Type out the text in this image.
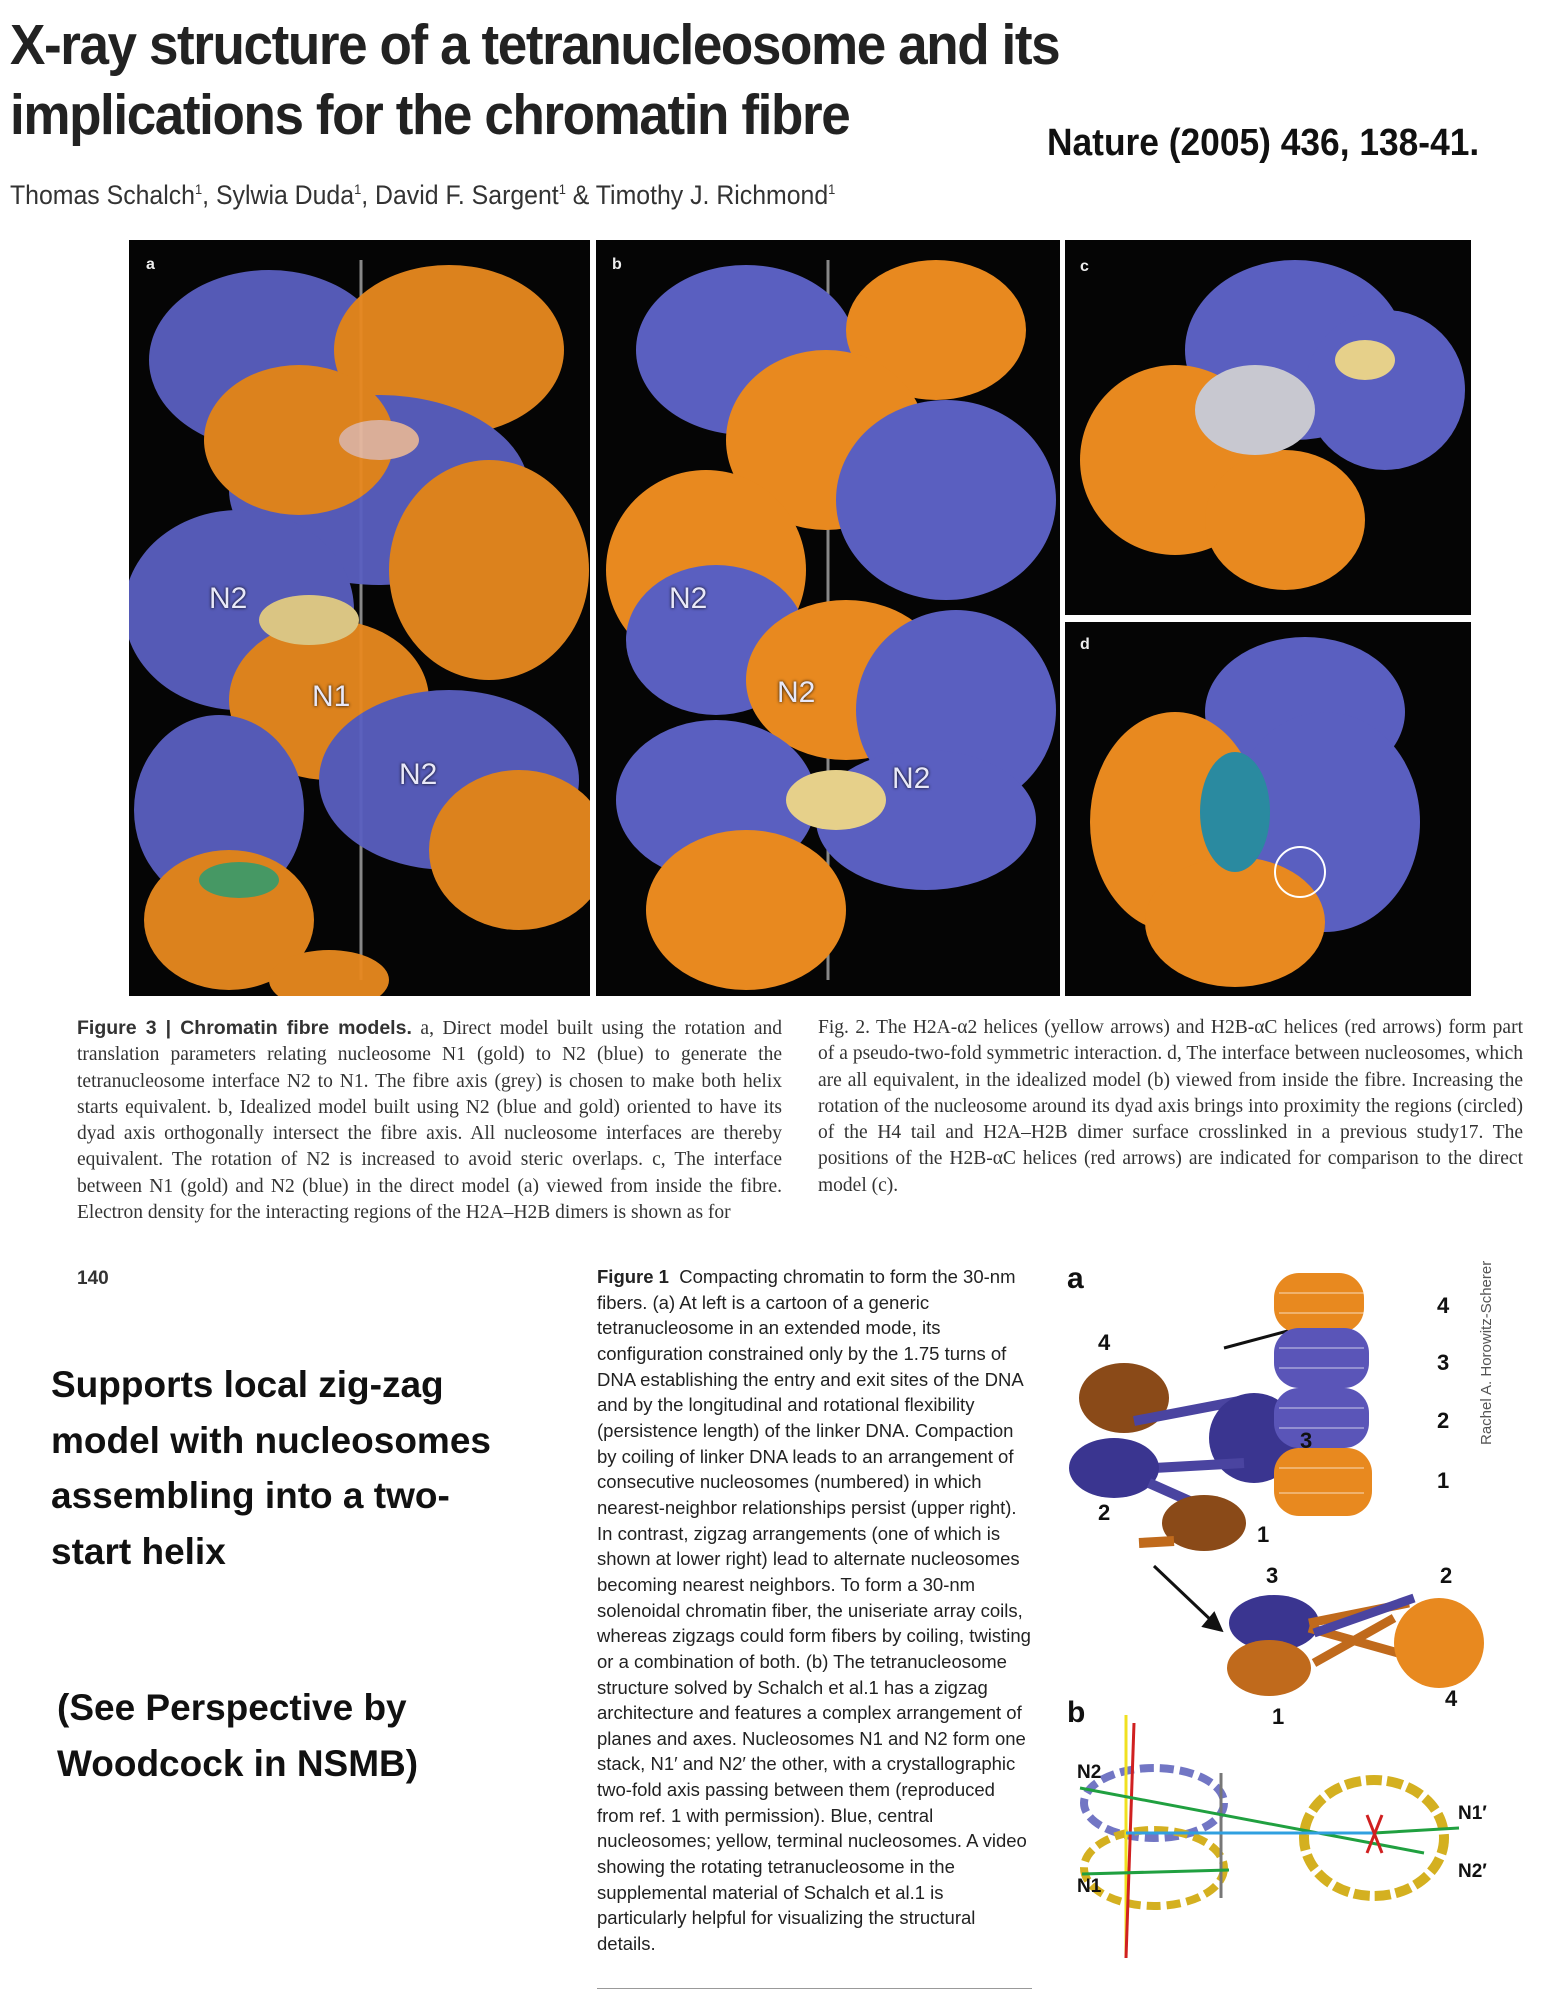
X-ray structure of a tetranucleosome and its
implications for the chromatin fibre	Nature (2005) 436, 138-41.
Thomas Schalch$^1$, Sylwia Duda$^1$, David F. Sargent$^1$ & Timothy J. Richmond$^1$
a
N2
N1
N2
b
N2
N2
N2
c
d
Figure 3 | Chromatin fibre models. a, Direct model built using the rotation and translation parameters relating nucleosome N1 (gold) to N2 (blue) to generate the tetranucleosome interface N2 to N1. The fibre axis (grey) is chosen to make both helix starts equivalent. b, Idealized model built using N2 (blue and gold) oriented to have its dyad axis orthogonally intersect the fibre axis. All nucleosome interfaces are thereby equivalent. The rotation of N2 is increased to avoid steric overlaps. c, The interface between N1 (gold) and N2 (blue) in the direct model (a) viewed from inside the fibre. Electron density for the interacting regions of the H2A–H2B dimers is shown as for
Fig. 2. The H2A-α2 helices (yellow arrows) and H2B-αC helices (red arrows) form part of a pseudo-two-fold symmetric interaction. d, The interface between nucleosomes, which are all equivalent, in the idealized model (b) viewed from inside the fibre. Increasing the rotation of the nucleosome around its dyad axis brings into proximity the regions (circled) of the H4 tail and H2A–H2B dimer surface crosslinked in a previous study17. The positions of the H2B-αC helices (red arrows) are indicated for comparison to the direct model (c).
140
Supports local zig-zag model with nucleosomes assembling into a two-start helix
(See Perspective by Woodcock in NSMB)
Figure 1 Compacting chromatin to form the 30-nm fibers. (a) At left is a cartoon of a generic tetranucleosome in an extended mode, its configuration constrained only by the 1.75 turns of DNA establishing the entry and exit sites of the DNA and by the longitudinal and rotational flexibility (persistence length) of the linker DNA. Compaction by coiling of linker DNA leads to an arrangement of consecutive nucleosomes (numbered) in which nearest-neighbor relationships persist (upper right). In contrast, zigzag arrangements (one of which is shown at lower right) lead to alternate nucleosomes becoming nearest neighbors. To form a 30-nm solenoidal chromatin fiber, the uniseriate array coils, whereas zigzags could form fibers by coiling, twisting or a combination of both. (b) The tetranucleosome structure solved by Schalch et al.1 has a zigzag architecture and features a complex arrangement of planes and axes. Nucleosomes N1 and N2 form one stack, N1′ and N2′ the other, with a crystallographic two-fold axis passing between them (reproduced from ref. 1 with permission). Blue, central nucleosomes; yellow, terminal nucleosomes. A video showing the rotating tetranucleosome in the supplemental material of Schalch et al.1 is particularly helpful for visualizing the structural details.
a
b
4
3
2
1
4
3
2
1
3	2
4
1
N2
N1
N1′
N2′
Rachel A. Horowitz-Scherer
